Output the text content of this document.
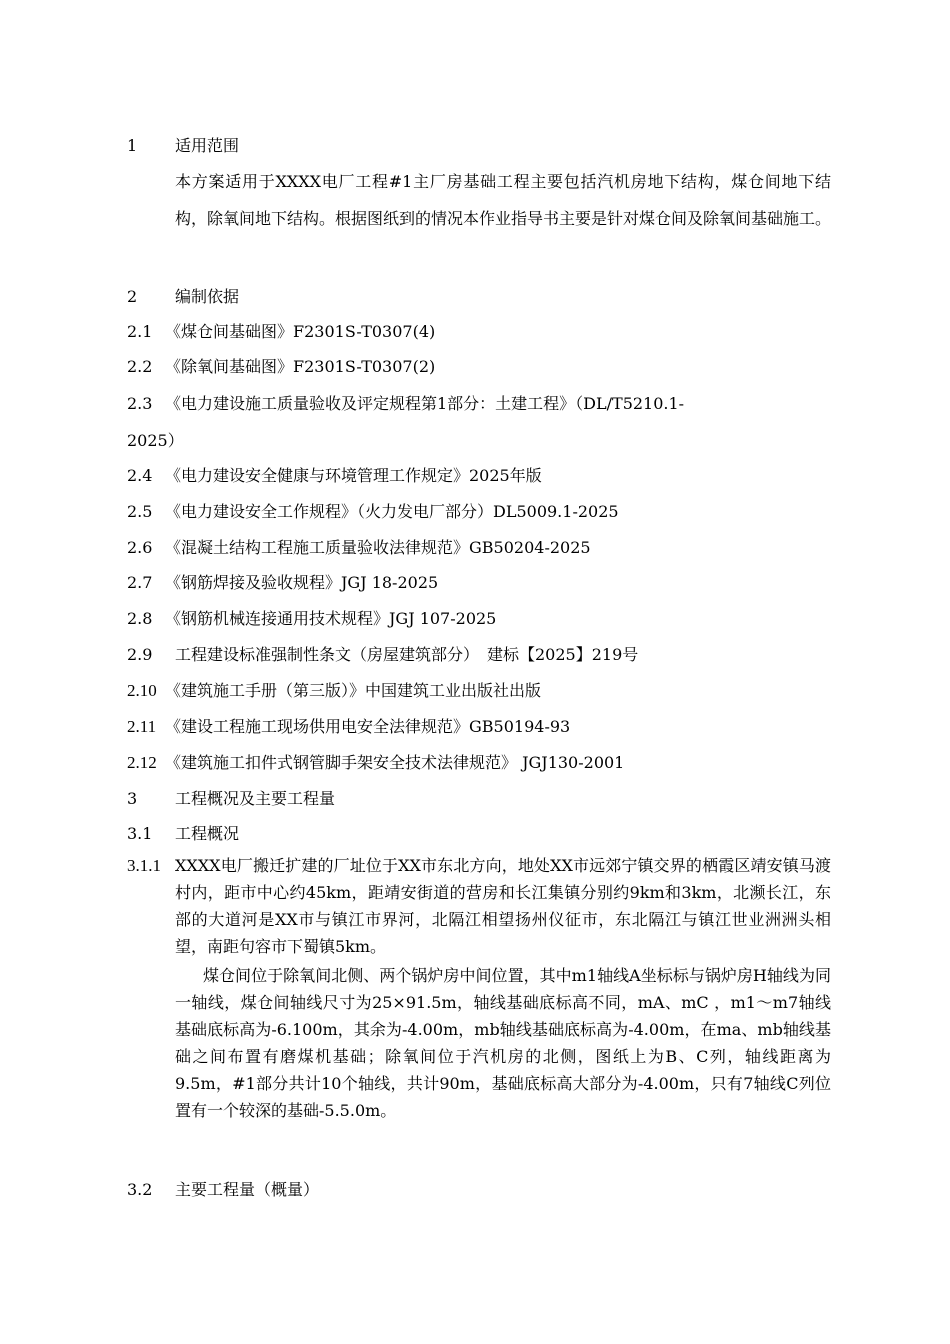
1 适用范围
本方案适用于XXXX电厂工程#1主厂房基础工程主要包括汽机房地下结构，煤仓间地下结构，除氧间地下结构。根据图纸到的情况本作业指导书主要是针对煤仓间及除氧间基础施工。
2 编制依据
2.1 《煤仓间基础图》F2301S-T0307(4)
2.2 《除氧间基础图》F2301S-T0307(2)
2.3 《电力建设施工质量验收及评定规程第1部分：土建工程》（DL/T5210.1-
2025）
2.4 《电力建设安全健康与环境管理工作规定》2025年版
2.5 《电力建设安全工作规程》（火力发电厂部分）DL5009.1-2025
2.6 《混凝土结构工程施工质量验收法律规范》GB50204-2025
2.7 《钢筋焊接及验收规程》JGJ 18-2025
2.8 《钢筋机械连接通用技术规程》JGJ 107-2025
2.9 工程建设标准强制性条文（房屋建筑部分）　建标【2025】219号
2.10 《建筑施工手册（第三版）》中国建筑工业出版社出版
2.11 《建设工程施工现场供用电安全法律规范》GB50194-93
2.12 《建筑施工扣件式钢管脚手架安全技术法律规范》 JGJ130-2001
3 工程概况及主要工程量
3.1 工程概况
3.1.1 XXXX电厂搬迁扩建的厂址位于XX市东北方向，地处XX市远郊宁镇交界的栖霞区靖安镇马渡村内，距市中心约45km，距靖安街道的营房和长江集镇分别约9km和3km，北濒长江，东部的大道河是XX市与镇江市界河，北隔江相望扬州仪征市，东北隔江与镇江世业洲洲头相望，南距句容市下蜀镇5km。
煤仓间位于除氧间北侧、两个锅炉房中间位置，其中m1轴线A坐标标与锅炉房H轴线为同一轴线，煤仓间轴线尺寸为25×91.5m，轴线基础底标高不同，mA、mC ，m1～m7轴线基础底标高为-6.100m，其余为-4.00m，mb轴线基础底标高为-4.00m，在ma、mb轴线基础之间布置有磨煤机基础；除氧间位于汽机房的北侧，图纸上为B、C列，轴线距离为9.5m，#1部分共计10个轴线，共计90m，基础底标高大部分为-4.00m，只有7轴线C列位置有一个较深的基础-5.5.0m。
3.2 主要工程量（概量）
